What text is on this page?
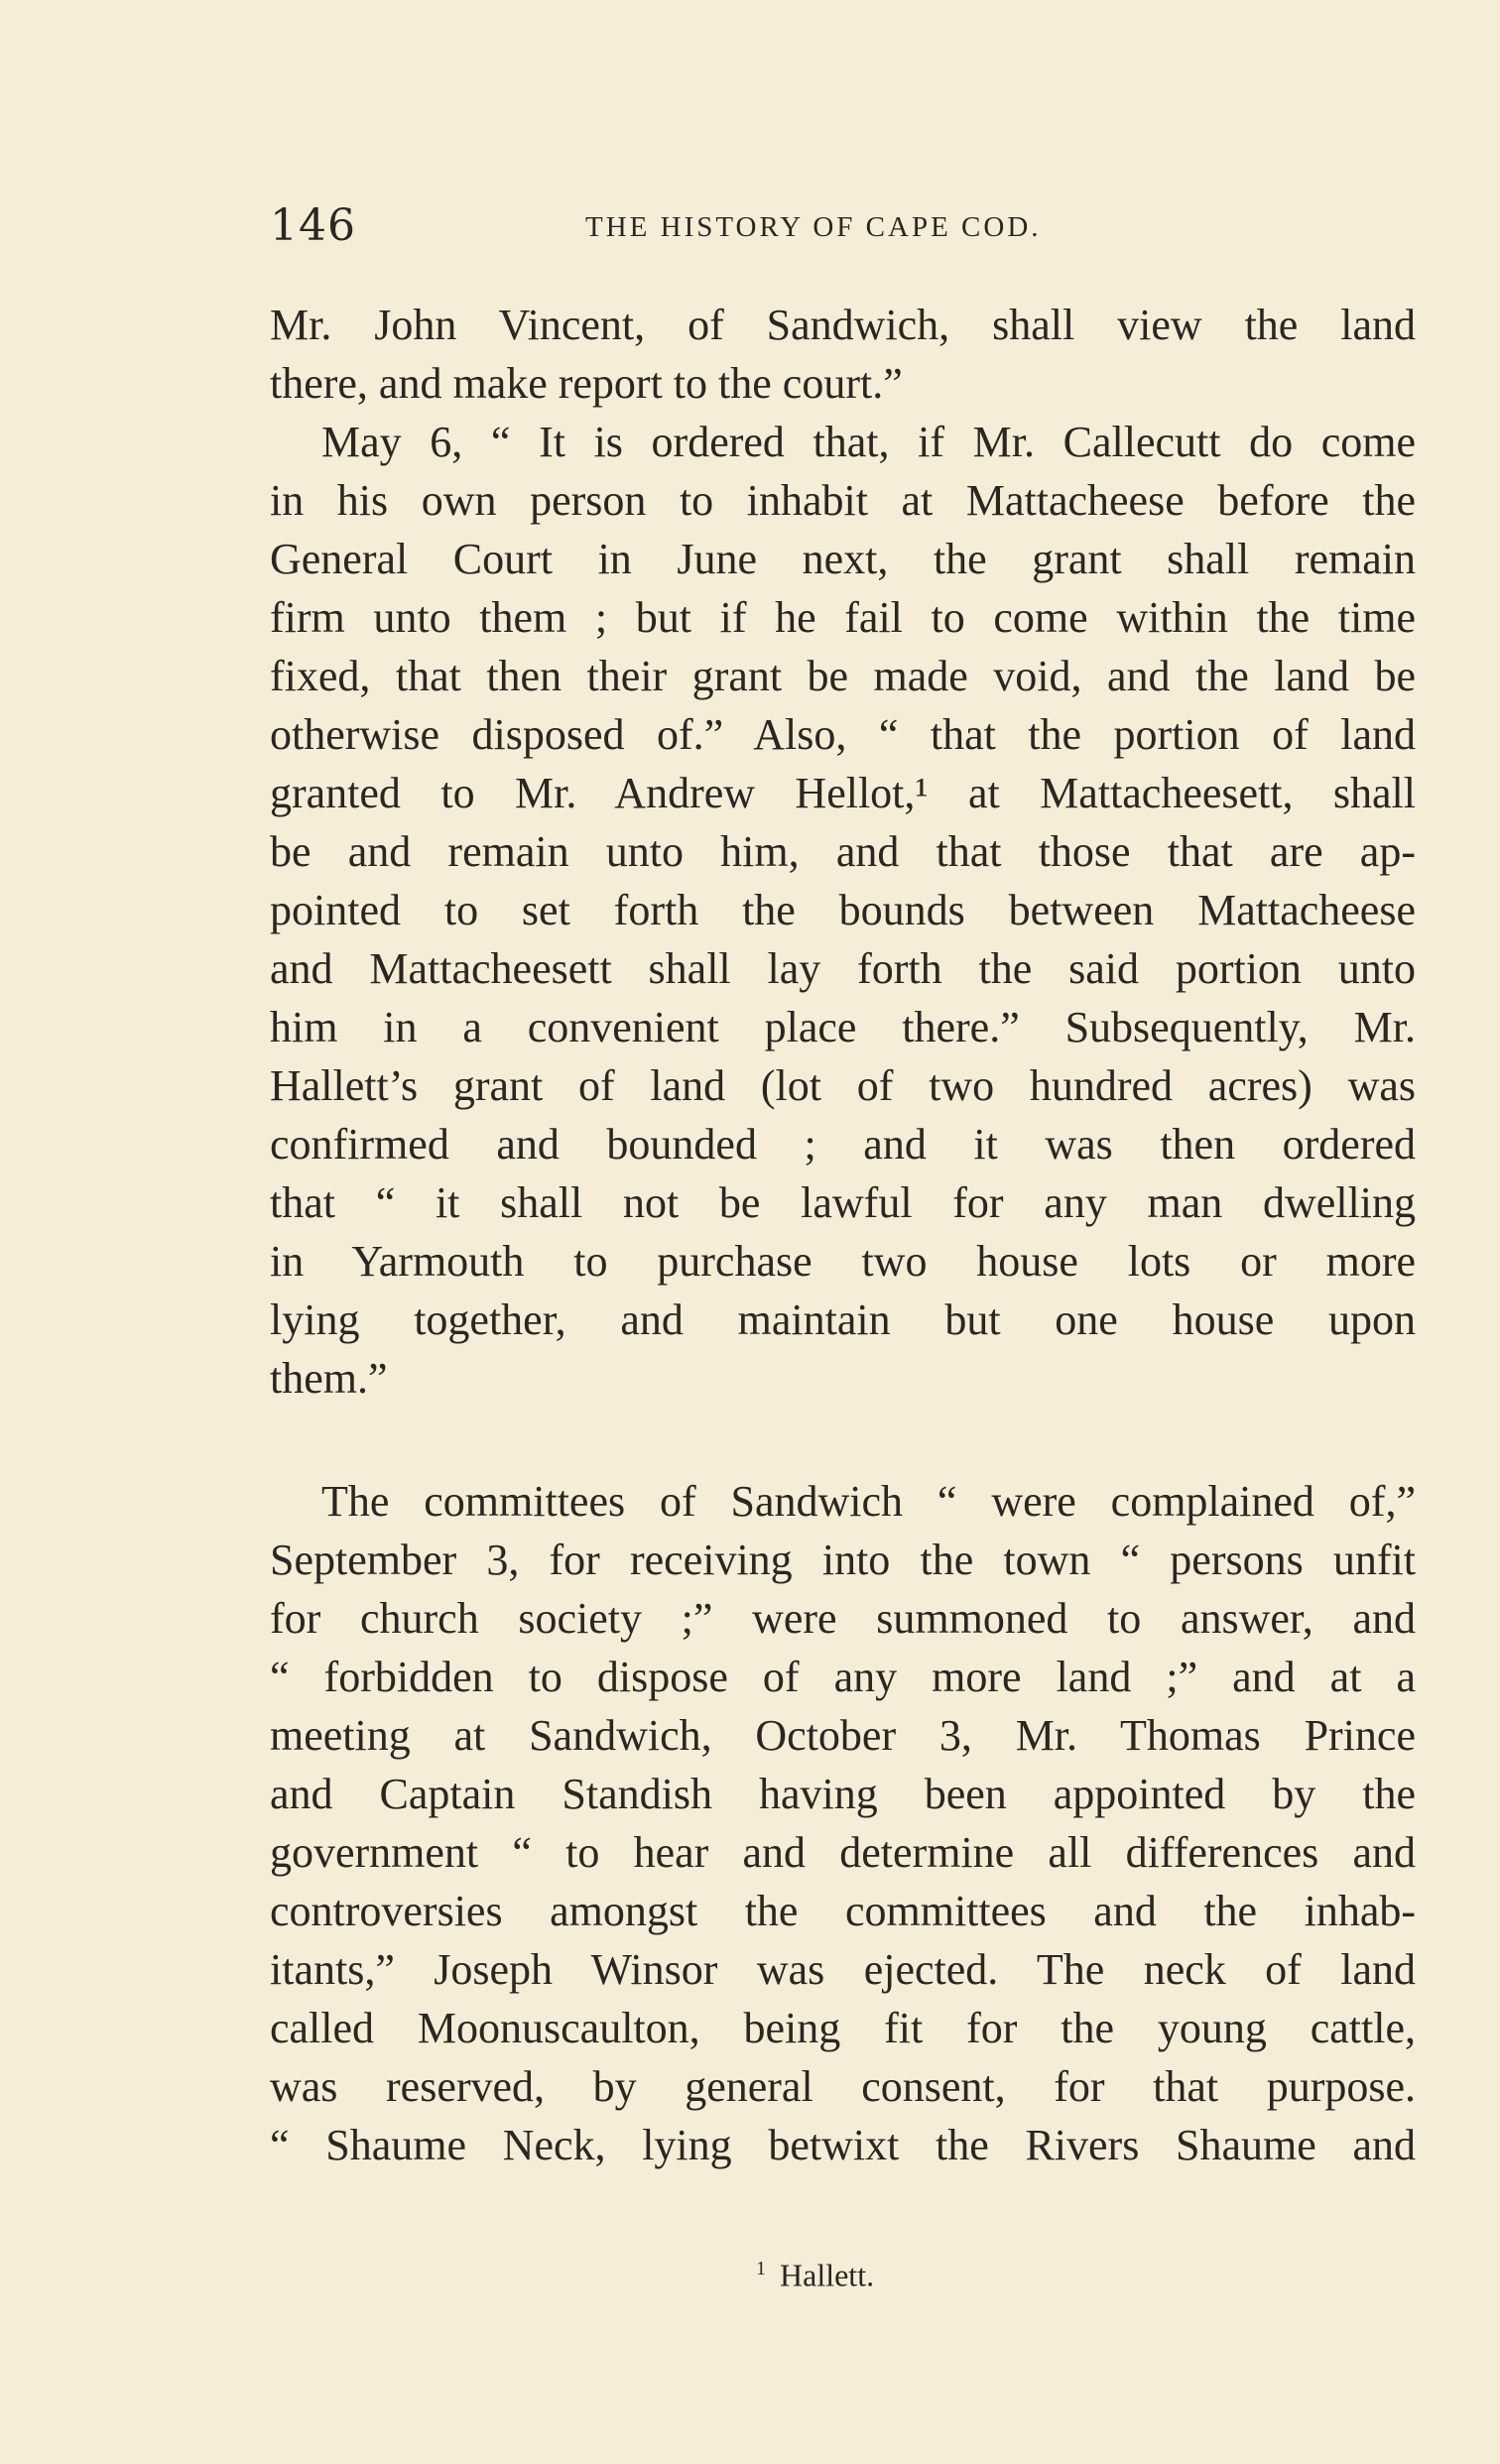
146	THE HISTORY OF CAPE COD.
Mr. John Vincent, of Sandwich, shall view the land
there, and make report to the court.”
May 6, “ It is ordered that, if Mr. Callecutt do come
in his own person to inhabit at Mattacheese before the
General Court in June next, the grant shall remain
firm unto them ; but if he fail to come within the time
fixed, that then their grant be made void, and the land be
otherwise disposed of.” Also, “ that the portion of land
granted to Mr. Andrew Hellot,¹ at Mattacheesett, shall
be and remain unto him, and that those that are ap-
pointed to set forth the bounds between Mattacheese
and Mattacheesett shall lay forth the said portion unto
him in a convenient place there.” Subsequently, Mr.
Hallett’s grant of land (lot of two hundred acres) was
confirmed and bounded ; and it was then ordered
that “ it shall not be lawful for any man dwelling
in Yarmouth to purchase two house lots or more
lying together, and maintain but one house upon
them.”
The committees of Sandwich “ were complained of,”
September 3, for receiving into the town “ persons unfit
for church society ;” were summoned to answer, and
“ forbidden to dispose of any more land ;” and at a
meeting at Sandwich, October 3, Mr. Thomas Prince
and Captain Standish having been appointed by the
government “ to hear and determine all differences and
controversies amongst the committees and the inhab-
itants,” Joseph Winsor was ejected. The neck of land
called Moonuscaulton, being fit for the young cattle,
was reserved, by general consent, for that purpose.
“ Shaume Neck, lying betwixt the Rivers Shaume and
$^1$ Hallett.
